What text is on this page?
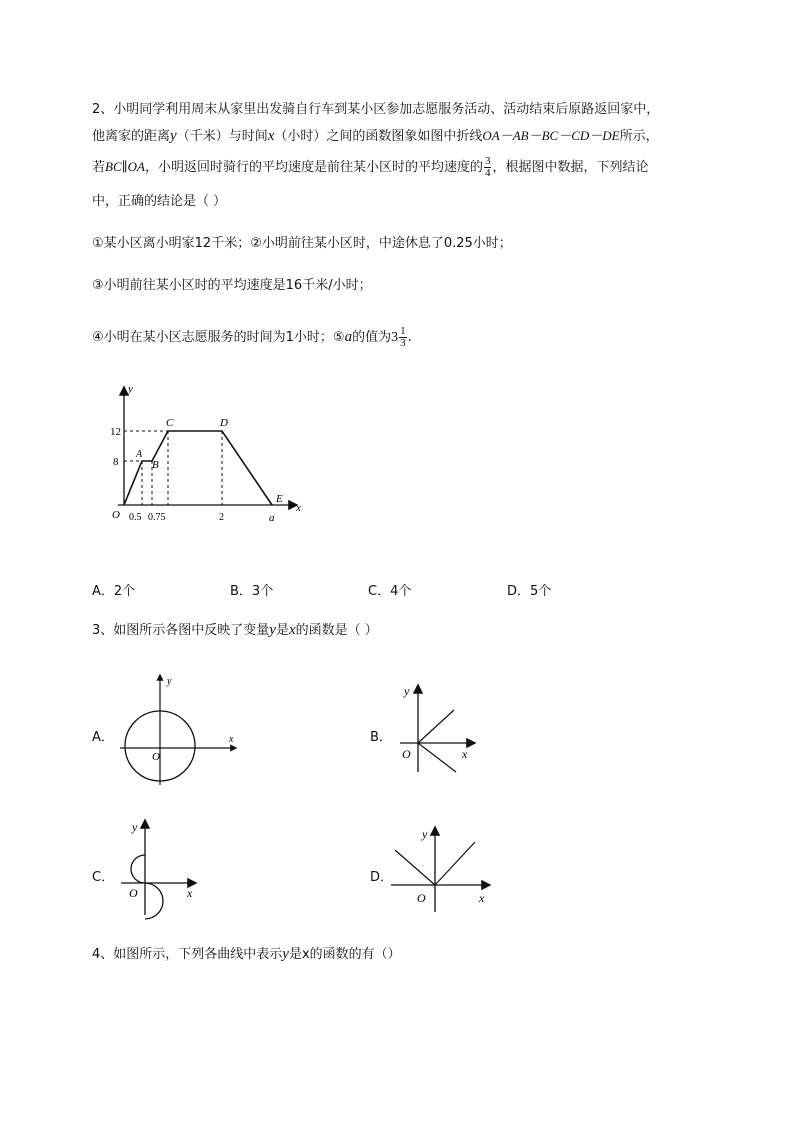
2、小明同学利用周末从家里出发骑自行车到某小区参加志愿服务活动、活动结束后原路返回家中，
他离家的距离y（千米）与时间x（小时）之间的函数图象如图中折线OA－AB－BC－CD－DE所示，
若BC∥OA，小明返回时骑行的平均速度是前往某小区时的平均速度的 $\frac{3}{4}$ ，根据图中数据，下列结论
中，正确的结论是（ ）
①某小区离小明家12千米；②小明前往某小区时，中途休息了0.25小时；
③小明前往某小区时的平均速度是16千米/小时；
④小明在某小区志愿服务的时间为1小时；⑤a的值为$3 \frac{1}{3}$ .
y
x
O
12
8
A
B
C	D
E
0.5 0.75	2	a
A．2个	B．3个	C．4个	D．5个
3、如图所示各图中反映了变量y是x的函数是（ ）
A．
y
x
O
B．
y
x
O
C．
y
x
O
D．
y
x
O
4、如图所示，下列各曲线中表示y是x的函数的有（）
